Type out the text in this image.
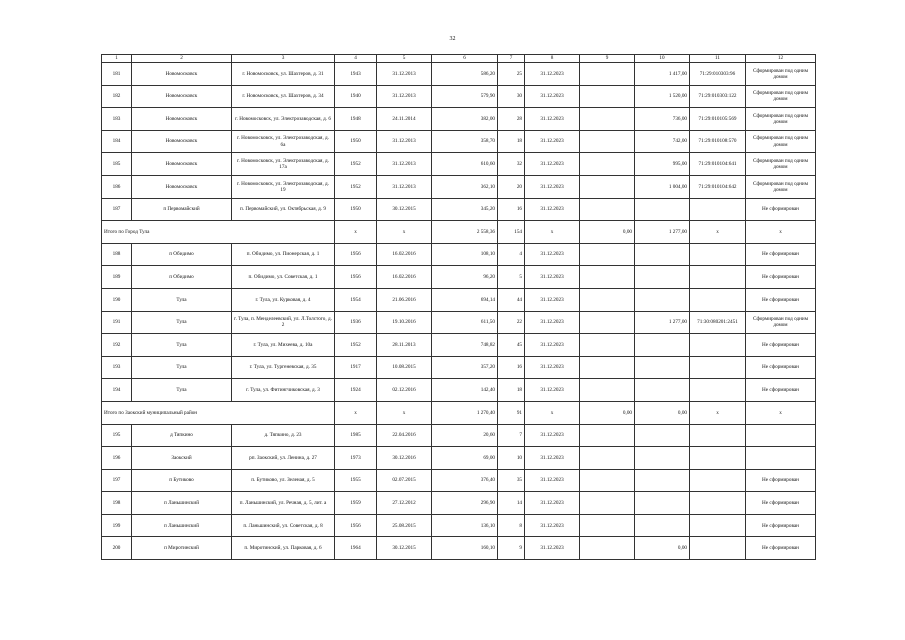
32
1	2	3	4	5	6	7	8	9	10	11	12
181	Новомосковск	г. Новомосковск, ул. Шахтеров, д. 31	1943	31.12.2013	586,20	25	31.12.2023		1 417,00	71:29:010303:96	Сформирован под одним домом
182	Новомосковск	г. Новомосковск, ул. Шахтеров, д. 34	1940	31.12.2013	579,90	30	31.12.2023		1 520,00	71:29:010303:122	Сформирован под одним домом
183	Новомосковск	г. Новомосковск, ул. Электрозаводская, д. 6	1948	24.11.2014	382,00	28	31.12.2023		736,00	71:29:010105:569	Сформирован под одним домом
184	Новомосковск	г. Новомосковск, ул. Электрозаводская, д. 6а	1950	31.12.2013	358,70	18	31.12.2023		742,00	71:29:010108:570	Сформирован под одним домом
185	Новомосковск	г. Новомосковск, ул. Электрозаводская, д. 17а	1952	31.12.2013	610,60	32	31.12.2023		995,00	71:29:010104:641	Сформирован под одним домом
186	Новомосковск	г. Новомосковск, ул. Электрозаводская, д. 19	1952	31.12.2013	362,10	20	31.12.2023		1 004,00	71:29:010104:642	Сформирован под одним домом
187	п Первомайский	п. Первомайский, ул. Октябрьская, д. 9	1950	30.12.2015	345,20	16	31.12.2023				Не сформирован
Итого по Город Тула			х	х	2 558,36	154	х	0,00	1 277,00	х	х
188	п Обидимо	п. Обидимо, ул. Пионерская, д. 1	1956	16.02.2016	108,10	4	31.12.2023				Не сформирован
189	п Обидимо	п. Обидимо, ул. Советская, д. 1	1956	16.02.2016	96,20	5	31.12.2023				Не сформирован
190	Тула	г. Тула, ул. Курковая, д. 4	1954	21.06.2016	694,14	44	31.12.2023				Не сформирован
191	Тула	г. Тула, п. Менделеевский, ул. Л.Толстого, д. 2	1936	19.10.2016	611,50	22	31.12.2023		1 277,00	71:30:080201:2451	Сформирован под одним домом
192	Тула	г. Тула, ул. Михеева, д. 10а	1952	28.11.2013	748,82	45	31.12.2023				Не сформирован
193	Тула	г. Тула, ул. Тургеневская, д. 35	1917	10.08.2015	357,20	16	31.12.2023				Не сформирован
194	Тула	г. Тула, ул. Фитингчиковская, д. 3	1924	02.12.2016	142,40	18	31.12.2023				Не сформирован
Итого по Заокский муниципальный район			х	х	1 270,40	91	х	0,00	0,00	х	х
195	д Тяпкино	д. Тяпкино, д. 23	1985	22.04.2016	20,60	7	31.12.2023				
196	Заокский	рп. Заокский, ул. Ленина, д. 27	1973	30.12.2016	69,00	10	31.12.2023				
197	п Бутиково	п. Бутиково, ул. Зеленая, д. 5	1955	02.07.2015	376,40	35	31.12.2023				Не сформирован
198	п Ланьшинский	п. Ланьшинский, ул. Речная, д. 5, лит. а	1959	27.12.2012	296,90	14	31.12.2023				Не сформирован
199	п Ланьшинский	п. Ланьшинский, ул. Советская, д. 8	1956	25.08.2015	136,10	8	31.12.2023				Не сформирован
200	п Миротинский	п. Миротинский, ул. Парковая, д. 6	1964	30.12.2015	160,10	9	31.12.2023		0,00		Не сформирован
